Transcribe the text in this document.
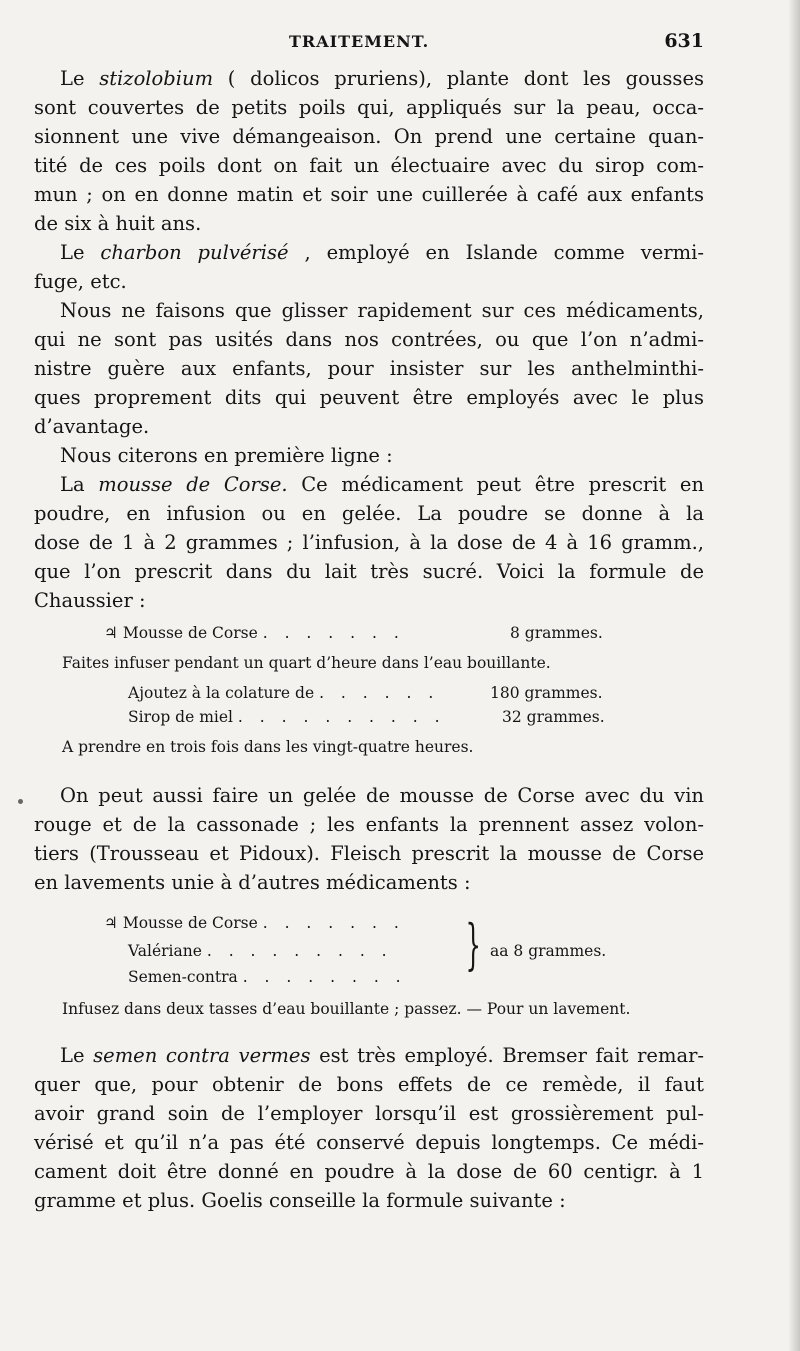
TRAITEMENT.	631
Le stizolobium ( dolicos pruriens), plante dont les gousses
sont couvertes de petits poils qui, appliqués sur la peau, occa-
sionnent une vive démangeaison. On prend une certaine quan-
tité de ces poils dont on fait un électuaire avec du sirop com-
mun ; on en donne matin et soir une cuillerée à café aux enfants
de six à huit ans.
Le charbon pulvérisé , employé en Islande comme vermi-
fuge, etc.
Nous ne faisons que glisser rapidement sur ces médicaments,
qui ne sont pas usités dans nos contrées, ou que l’on n’admi-
nistre guère aux enfants, pour insister sur les anthelminthi-
ques proprement dits qui peuvent être employés avec le plus
d’avantage.
Nous citerons en première ligne :
La mousse de Corse. Ce médicament peut être prescrit en
poudre, en infusion ou en gelée. La poudre se donne à la
dose de 1 à 2 grammes ; l’infusion, à la dose de 4 à 16 gramm.,
que l’on prescrit dans du lait très sucré. Voici la formule de
Chaussier :
♃ Mousse de Corse . . . . . . .	8 grammes.
Faites infuser pendant un quart d’heure dans l’eau bouillante.
Ajoutez à la colature de . . . . . .	180 grammes.
Sirop de miel . . . . . . . . . .	32 grammes.
A prendre en trois fois dans les vingt-quatre heures.
On peut aussi faire un gelée de mousse de Corse avec du vin
rouge et de la cassonade ; les enfants la prennent assez volon-
tiers (Trousseau et Pidoux). Fleisch prescrit la mousse de Corse
en lavements unie à d’autres médicaments :
♃ Mousse de Corse . . . . . . .
Valériane . . . . . . . . .
Semen-contra . . . . . . . .
} aa 8 grammes.
Infusez dans deux tasses d’eau bouillante ; passez. — Pour un lavement.
Le semen contra vermes est très employé. Bremser fait remar-
quer que, pour obtenir de bons effets de ce remède, il faut
avoir grand soin de l’employer lorsqu’il est grossièrement pul-
vérisé et qu’il n’a pas été conservé depuis longtemps. Ce médi-
cament doit être donné en poudre à la dose de 60 centigr. à 1
gramme et plus. Goelis conseille la formule suivante :
